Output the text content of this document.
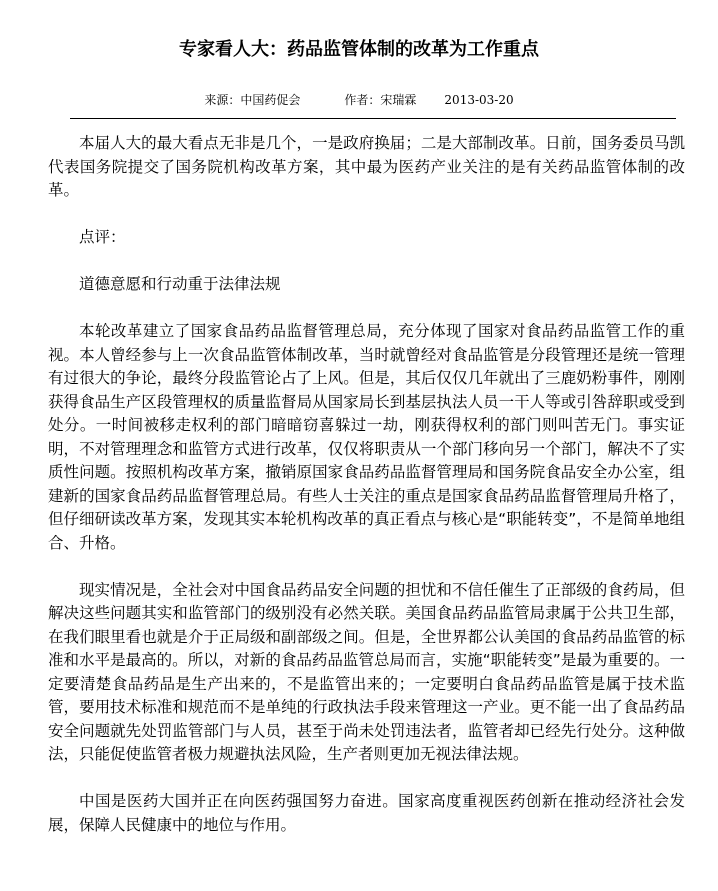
专家看人大：药品监管体制的改革为工作重点
来源：中国药促会	作者：宋瑞霖 2013-03-20

本届人大的最大看点无非是几个，一是政府换届；二是大部制改革。日前，国务委员马凯代表国务院提交了国务院机构改革方案，其中最为医药产业关注的是有关药品监管体制的改革。

点评：

道德意愿和行动重于法律法规

本轮改革建立了国家食品药品监督管理总局，充分体现了国家对食品药品监管工作的重视。本人曾经参与上一次食品监管体制改革，当时就曾经对食品监管是分段管理还是统一管理有过很大的争论，最终分段监管论占了上风。但是，其后仅仅几年就出了三鹿奶粉事件，刚刚获得食品生产区段管理权的质量监督局从国家局长到基层执法人员一干人等或引咎辞职或受到处分。一时间被移走权利的部门暗暗窃喜躲过一劫，刚获得权利的部门则叫苦无门。事实证明，不对管理理念和监管方式进行改革，仅仅将职责从一个部门移向另一个部门，解决不了实质性问题。按照机构改革方案，撤销原国家食品药品监督管理局和国务院食品安全办公室，组建新的国家食品药品监督管理总局。有些人士关注的重点是国家食品药品监督管理局升格了，但仔细研读改革方案，发现其实本轮机构改革的真正看点与核心是“职能转变”，不是简单地组合、升格。

现实情况是，全社会对中国食品药品安全问题的担忧和不信任催生了正部级的食药局，但解决这些问题其实和监管部门的级别没有必然关联。美国食品药品监管局隶属于公共卫生部，在我们眼里看也就是介于正局级和副部级之间。但是，全世界都公认美国的食品药品监管的标准和水平是最高的。所以，对新的食品药品监管总局而言，实施“职能转变”是最为重要的。一定要清楚食品药品是生产出来的，不是监管出来的；一定要明白食品药品监管是属于技术监管，要用技术标准和规范而不是单纯的行政执法手段来管理这一产业。更不能一出了食品药品安全问题就先处罚监管部门与人员，甚至于尚未处罚违法者，监管者却已经先行处分。这种做法，只能促使监管者极力规避执法风险，生产者则更加无视法律法规。

中国是医药大国并正在向医药强国努力奋进。国家高度重视医药创新在推动经济社会发展，保障人民健康中的地位与作用。
